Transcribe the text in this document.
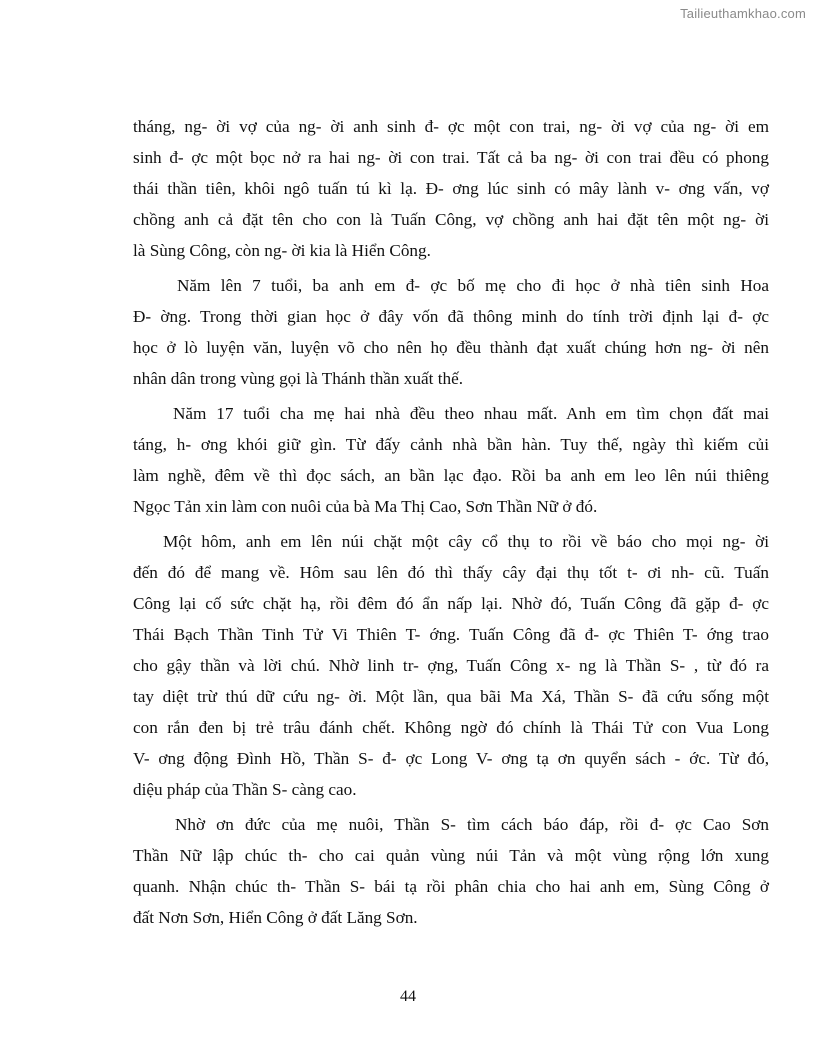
Tailieuthamkhao.com
tháng, ng- ời vợ của ng- ời anh sinh đ- ợc một con trai, ng- ời vợ của ng- ời em
sinh đ- ợc một bọc nở ra hai ng- ời con trai. Tất cả ba ng- ời con trai đều có phong
thái thần tiên, khôi ngô tuấn tú kì lạ. Đ- ơng lúc sinh có mây lành v- ơng vấn, vợ
chồng anh cả đặt tên cho con là Tuấn Công, vợ chồng anh hai đặt tên một ng- ời
là Sùng Công, còn ng- ời kia là Hiển Công.
Năm lên 7 tuổi, ba anh em đ- ợc bố mẹ cho đi học ở nhà tiên sinh Hoa
Đ- ờng. Trong thời gian học ở đây vốn đã thông minh do tính trời định lại đ- ợc
học ở lò luyện văn, luyện võ cho nên họ đều thành đạt xuất chúng hơn ng- ời nên
nhân dân trong vùng gọi là Thánh thần xuất thế.
Năm 17 tuổi cha mẹ hai nhà đều theo nhau mất. Anh em tìm chọn đất mai
táng, h- ơng khói giữ gìn. Từ đấy cảnh nhà bần hàn. Tuy thế, ngày thì kiếm củi
làm nghề, đêm về thì đọc sách, an bần lạc đạo. Rồi ba anh em leo lên núi thiêng
Ngọc Tản xin làm con nuôi của bà Ma Thị Cao, Sơn Thần Nữ ở đó.
Một hôm, anh em lên núi chặt một cây cổ thụ to rồi về báo cho mọi ng- ời
đến đó để mang về. Hôm sau lên đó thì thấy cây đại thụ tốt t- ơi nh- cũ. Tuấn
Công lại cố sức chặt hạ, rồi đêm đó ẩn nấp lại. Nhờ đó, Tuấn Công đã gặp đ- ợc
Thái Bạch Thần Tinh Tử Vi Thiên T- ớng. Tuấn Công đã đ- ợc Thiên T- ớng trao
cho gậy thần và lời chú. Nhờ linh tr- ợng, Tuấn Công x- ng là Thần S- , từ đó ra
tay diệt trừ thú dữ cứu ng- ời. Một lần, qua bãi Ma Xá, Thần S- đã cứu sống một
con rắn đen bị trẻ trâu đánh chết. Không ngờ đó chính là Thái Tử con Vua Long
V- ơng động Đình Hồ, Thần S- đ- ợc Long V- ơng tạ ơn quyển sách - ớc. Từ đó,
diệu pháp của Thần S- càng cao.
Nhờ ơn đức của mẹ nuôi, Thần S- tìm cách báo đáp, rồi đ- ợc Cao Sơn
Thần Nữ lập chúc th- cho cai quản vùng núi Tản và một vùng rộng lớn xung
quanh. Nhận chúc th- Thần S- bái tạ rồi phân chia cho hai anh em, Sùng Công ở
đất Nơn Sơn, Hiển Công ở đất Lăng Sơn.
44
